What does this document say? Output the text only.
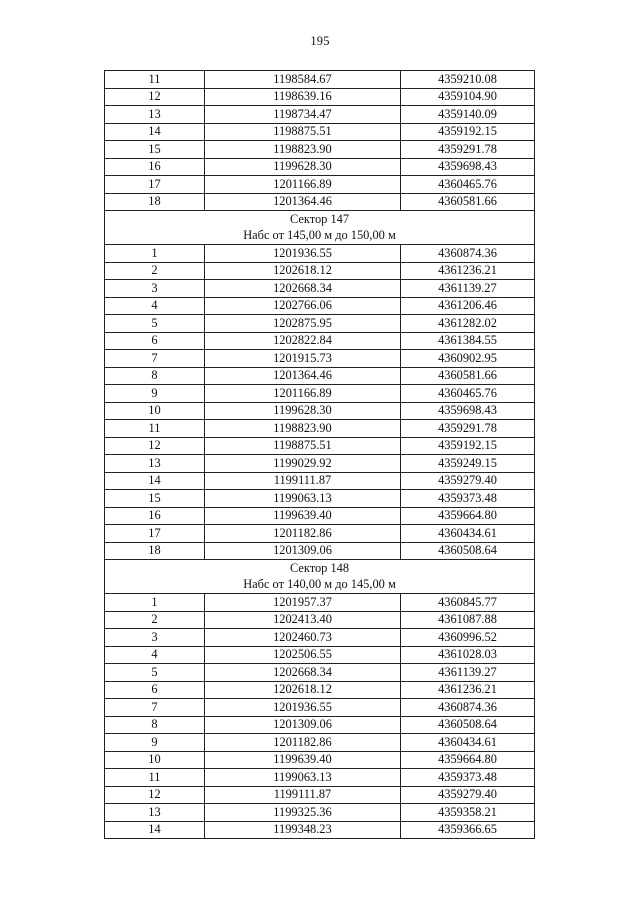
195
11	1198584.67	4359210.08
12	1198639.16	4359104.90
13	1198734.47	4359140.09
14	1198875.51	4359192.15
15	1198823.90	4359291.78
16	1199628.30	4359698.43
17	1201166.89	4360465.76
18	1201364.46	4360581.66
Сектор 147		
Набс от 145,00 м до 150,00 м		
1	1201936.55	4360874.36
2	1202618.12	4361236.21
3	1202668.34	4361139.27
4	1202766.06	4361206.46
5	1202875.95	4361282.02
6	1202822.84	4361384.55
7	1201915.73	4360902.95
8	1201364.46	4360581.66
9	1201166.89	4360465.76
10	1199628.30	4359698.43
11	1198823.90	4359291.78
12	1198875.51	4359192.15
13	1199029.92	4359249.15
14	1199111.87	4359279.40
15	1199063.13	4359373.48
16	1199639.40	4359664.80
17	1201182.86	4360434.61
18	1201309.06	4360508.64
Сектор 148		
Набс от 140,00 м до 145,00 м		
1	1201957.37	4360845.77
2	1202413.40	4361087.88
3	1202460.73	4360996.52
4	1202506.55	4361028.03
5	1202668.34	4361139.27
6	1202618.12	4361236.21
7	1201936.55	4360874.36
8	1201309.06	4360508.64
9	1201182.86	4360434.61
10	1199639.40	4359664.80
11	1199063.13	4359373.48
12	1199111.87	4359279.40
13	1199325.36	4359358.21
14	1199348.23	4359366.65
